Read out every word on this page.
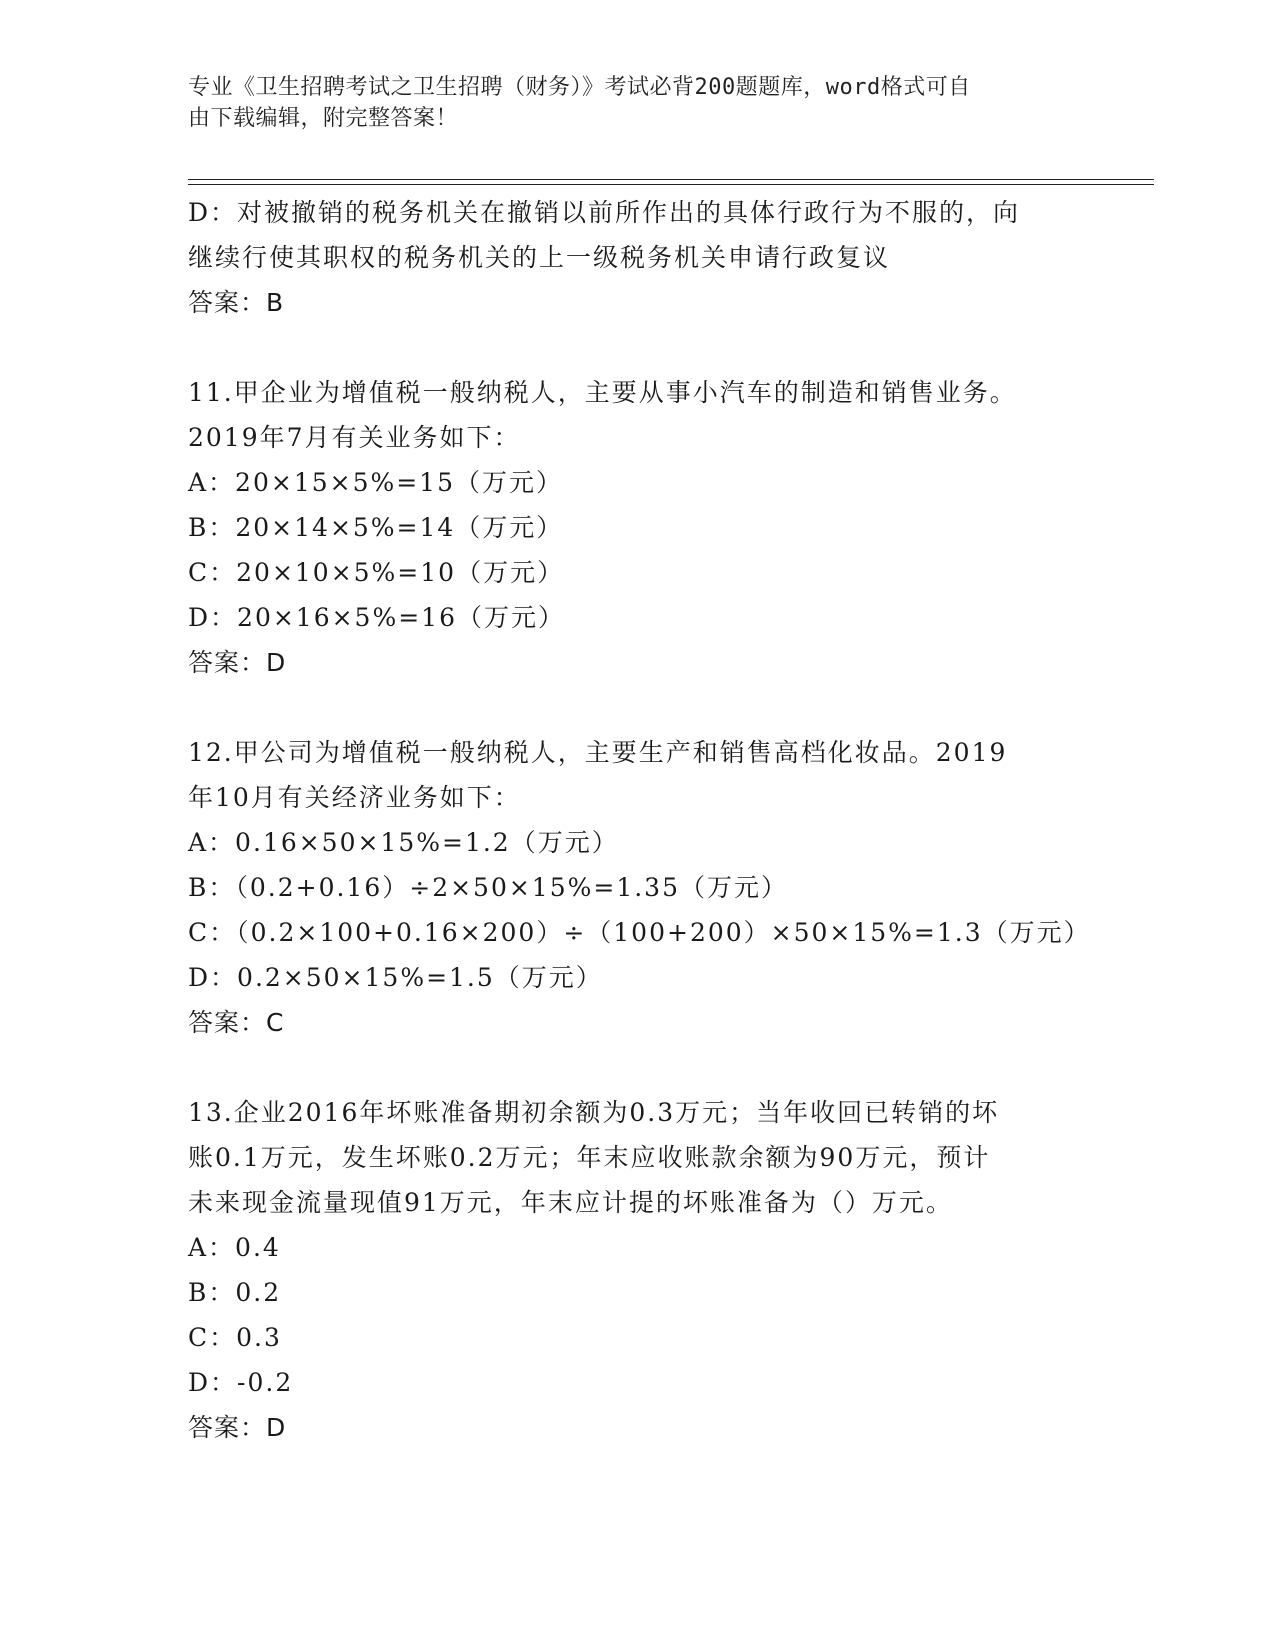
专业《卫生招聘考试之卫生招聘（财务）》考试必背200题题库，word格式可自
由下载编辑，附完整答案！
D：对被撤销的税务机关在撤销以前所作出的具体行政行为不服的，向
继续行使其职权的税务机关的上一级税务机关申请行政复议
答案：B
11.甲企业为增值税一般纳税人，主要从事小汽车的制造和销售业务。
2019年7月有关业务如下：
A：20×15×5%=15（万元）
B：20×14×5%=14（万元）
C：20×10×5%=10（万元）
D：20×16×5%=16（万元）
答案：D
12.甲公司为增值税一般纳税人，主要生产和销售高档化妆品。2019
年10月有关经济业务如下：
A：0.16×50×15%=1.2（万元）
B：（0.2+0.16）÷2×50×15%=1.35（万元）
C：（0.2×100+0.16×200）÷（100+200）×50×15%=1.3（万元）
D：0.2×50×15%=1.5（万元）
答案：C
13.企业2016年坏账准备期初余额为0.3万元；当年收回已转销的坏
账0.1万元，发生坏账0.2万元；年末应收账款余额为90万元，预计
未来现金流量现值91万元，年末应计提的坏账准备为（）万元。
A：0.4
B：0.2
C：0.3
D：-0.2
答案：D
